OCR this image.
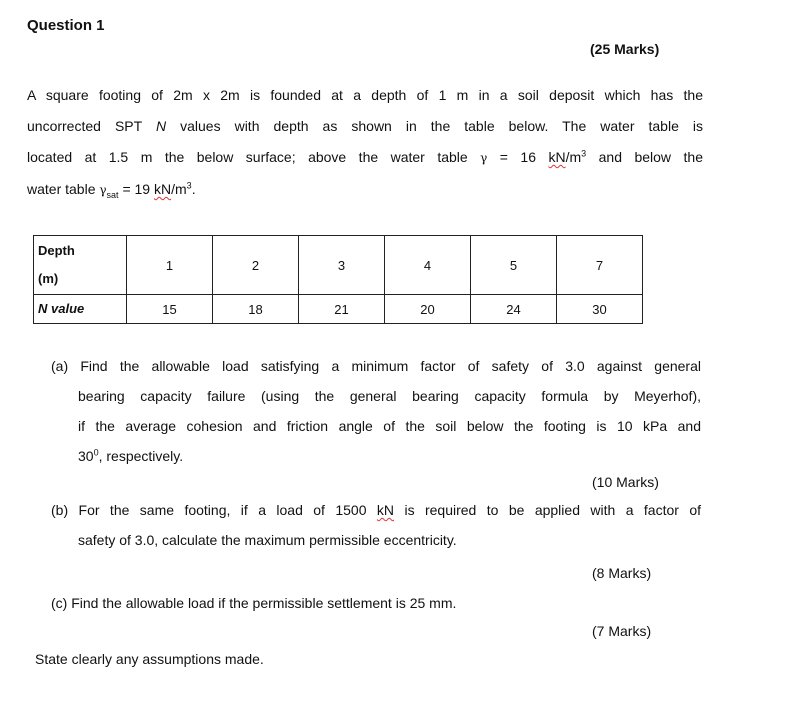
Question 1
(25 Marks)
A square footing of 2m x 2m is founded at a depth of 1 m in a soil deposit which has the
uncorrected SPT N values with depth as shown in the table below. The water table is
located at 1.5 m the below surface; above the water table γ = 16 $kN/m^3$ and below the
water table $\gamma_{sat} = 19$ $kN/m^3$.
Depth
(m)	1	2	3	4	5	7
N value	15	18	21	20	24	30
(a) Find the allowable load satisfying a minimum factor of safety of 3.0 against general
bearing capacity failure (using the general bearing capacity formula by Meyerhof),
if the average cohesion and friction angle of the soil below the footing is 10 kPa and
$30^0$, respectively.
(10 Marks)
(b) For the same footing, if a load of 1500 kN is required to be applied with a factor of
safety of 3.0, calculate the maximum permissible eccentricity.
(8 Marks)
(c) Find the allowable load if the permissible settlement is 25 mm.
(7 Marks)
State clearly any assumptions made.
